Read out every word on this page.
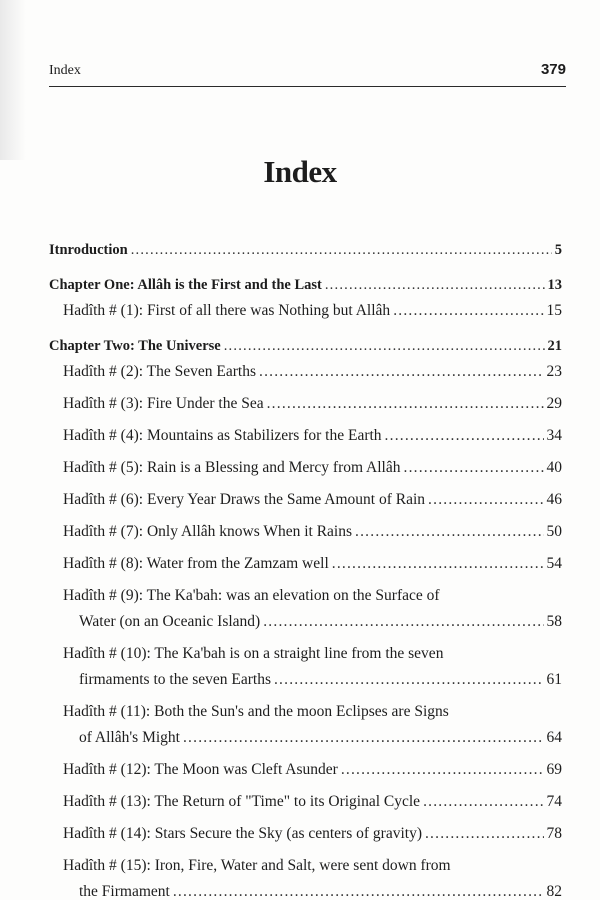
Index	379
Index
Itnroduction .....	5
Chapter One: Allâh is the First and the Last .....	13
Hadîth # (1): First of all there was Nothing but Allâh .....	15
Chapter Two: The Universe .....	21
Hadîth # (2): The Seven Earths .....	23
Hadîth # (3): Fire Under the Sea .....	29
Hadîth # (4): Mountains as Stabilizers for the Earth .....	34
Hadîth # (5): Rain is a Blessing and Mercy from Allâh .....	40
Hadîth # (6): Every Year Draws the Same Amount of Rain .....	46
Hadîth # (7): Only Allâh knows When it Rains .....	50
Hadîth # (8): Water from the Zamzam well .....	54
Hadîth # (9): The Ka'bah: was an elevation on the Surface of
Water (on an Oceanic Island) .....	58
Hadîth # (10): The Ka'bah is on a straight line from the seven
firmaments to the seven Earths .....	61
Hadîth # (11): Both the Sun's and the moon Eclipses are Signs
of Allâh's Might .....	64
Hadîth # (12): The Moon was Cleft Asunder .....	69
Hadîth # (13): The Return of "Time" to its Original Cycle .....	74
Hadîth # (14): Stars Secure the Sky (as centers of gravity) .....	78
Hadîth # (15): Iron, Fire, Water and Salt, were sent down from
the Firmament .....	82
